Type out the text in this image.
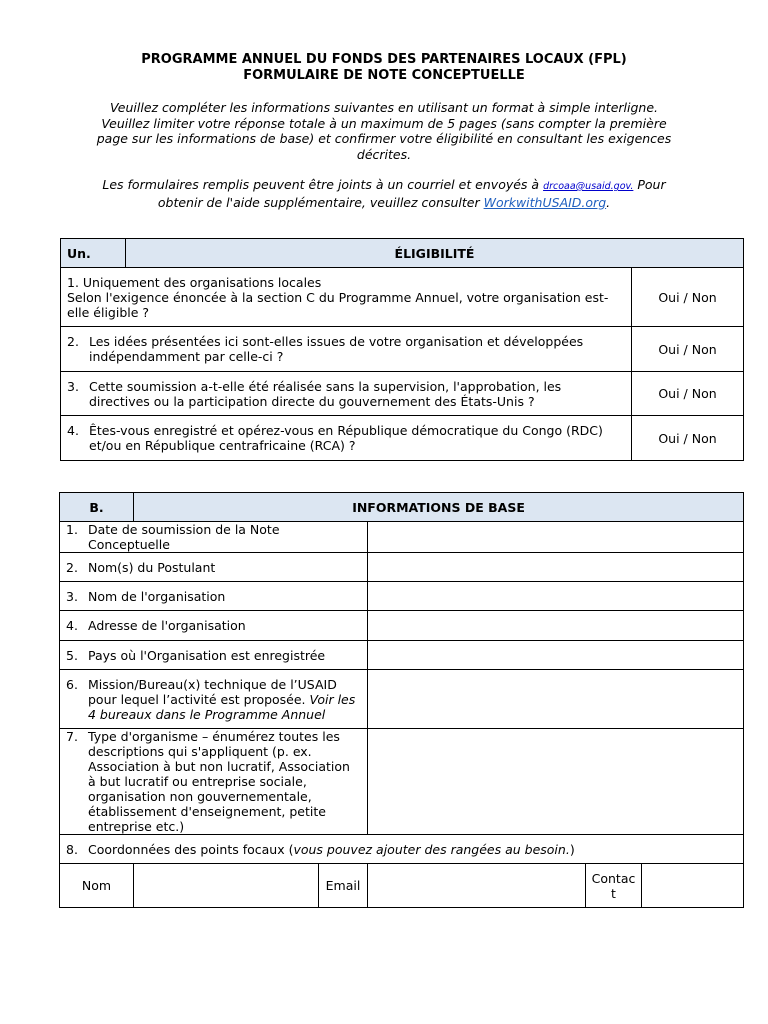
PROGRAMME ANNUEL DU FONDS DES PARTENAIRES LOCAUX (FPL)
FORMULAIRE DE NOTE CONCEPTUELLE
Veuillez compléter les informations suivantes en utilisant un format à simple interligne. Veuillez limiter votre réponse totale à un maximum de 5 pages (sans compter la première page sur les informations de base) et confirmer votre éligibilité en consultant les exigences décrites.
Les formulaires remplis peuvent être joints à un courriel et envoyés à drcoaa@usaid.gov. Pour obtenir de l'aide supplémentaire, veuillez consulter WorkwithUSAID.org.
Un.	ÉLIGIBILITÉ	

1. Uniquement des organisations locales
Selon l'exigence énoncée à la section C du Programme Annuel, votre organisation est-elle éligible ?		Oui / Non

2. Les idées présentées ici sont-elles issues de votre organisation et développées indépendamment par celle-ci ?		Oui / Non

3. Cette soumission a-t-elle été réalisée sans la supervision, l'approbation, les directives ou la participation directe du gouvernement des États-Unis ?		Oui / Non

4. Êtes-vous enregistré et opérez-vous en République démocratique du Congo (RDC) et/ou en République centrafricaine (RCA) ?		Oui / Non
B.	INFORMATIONS DE BASE				

1. Date de soumission de la Note Conceptuelle					

2. Nom(s) du Postulant					

3. Nom de l'organisation					

4. Adresse de l'organisation					

5. Pays où l'Organisation est enregistrée					

6. Mission/Bureau(x) technique de l’USAID pour lequel l’activité est proposée. Voir les 4 bureaux dans le Programme Annuel					

7. Type d'organisme – énumérez toutes les descriptions qui s'appliquent (p. ex. Association à but non lucratif, Association à but lucratif ou entreprise sociale, organisation non gouvernementale, établissement d'enseignement, petite entreprise etc.)					

8. Coordonnées des points focaux (vous pouvez ajouter des rangées au besoin.)					

Nom		Email		Contact	
